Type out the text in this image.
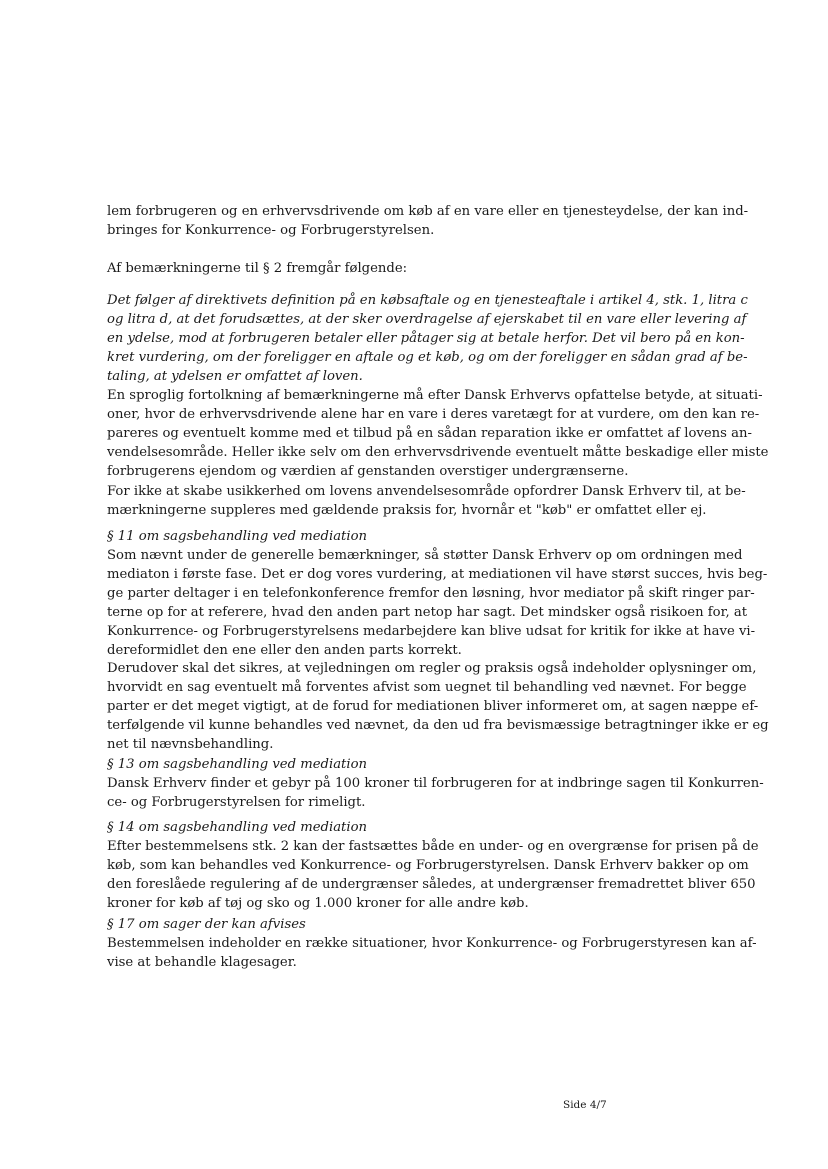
lem forbrugeren og en erhvervsdrivende om køb af en vare eller en tjenesteydelse, der kan ind-
bringes for Konkurrence- og Forbrugerstyrelsen.

Af bemærkningerne til § 2 fremgår følgende:

Det følger af direktivets definition på en købsaftale og en tjenesteaftale i artikel 4, stk. 1, litra c
og litra d, at det forudsættes, at der sker overdragelse af ejerskabet til en vare eller levering af
en ydelse, mod at forbrugeren betaler eller påtager sig at betale herfor. Det vil bero på en kon-
kret vurdering, om der foreligger en aftale og et køb, og om der foreligger en sådan grad af be-
taling, at ydelsen er omfattet af loven.

En sproglig fortolkning af bemærkningerne må efter Dansk Erhvervs opfattelse betyde, at situati-
oner, hvor de erhvervsdrivende alene har en vare i deres varetægt for at vurdere, om den kan re-
pareres og eventuelt komme med et tilbud på en sådan reparation ikke er omfattet af lovens an-
vendelsesområde. Heller ikke selv om den erhvervsdrivende eventuelt måtte beskadige eller miste
forbrugerens ejendom og værdien af genstanden overstiger undergrænserne.

For ikke at skabe usikkerhed om lovens anvendelsesområde opfordrer Dansk Erhverv til, at be-
mærkningerne suppleres med gældende praksis for, hvornår et "køb" er omfattet eller ej.

§ 11 om sagsbehandling ved mediation

Som nævnt under de generelle bemærkninger, så støtter Dansk Erhverv op om ordningen med
mediaton i første fase. Det er dog vores vurdering, at mediationen vil have størst succes, hvis beg-
ge parter deltager i en telefonkonference fremfor den løsning, hvor mediator på skift ringer par-
terne op for at referere, hvad den anden part netop har sagt. Det mindsker også risikoen for, at
Konkurrence- og Forbrugerstyrelsens medarbejdere kan blive udsat for kritik for ikke at have vi-
dereformidlet den ene eller den anden parts korrekt.

Derudover skal det sikres, at vejledningen om regler og praksis også indeholder oplysninger om,
hvorvidt en sag eventuelt må forventes afvist som uegnet til behandling ved nævnet. For begge
parter er det meget vigtigt, at de forud for mediationen bliver informeret om, at sagen næppe ef-
terfølgende vil kunne behandles ved nævnet, da den ud fra bevismæssige betragtninger ikke er eg
net til nævnsbehandling.

§ 13 om sagsbehandling ved mediation

Dansk Erhverv finder et gebyr på 100 kroner til forbrugeren for at indbringe sagen til Konkurren-
ce- og Forbrugerstyrelsen for rimeligt.

§ 14 om sagsbehandling ved mediation

Efter bestemmelsens stk. 2 kan der fastsættes både en under- og en overgrænse for prisen på de
køb, som kan behandles ved Konkurrence- og Forbrugerstyrelsen. Dansk Erhverv bakker op om
den foreslåede regulering af de undergrænser således, at undergrænser fremadrettet bliver 650
kroner for køb af tøj og sko og 1.000 kroner for alle andre køb.

§ 17 om sager der kan afvises

Bestemmelsen indeholder en række situationer, hvor Konkurrence- og Forbrugerstyresen kan af-
vise at behandle klagesager.

Side 4/7
